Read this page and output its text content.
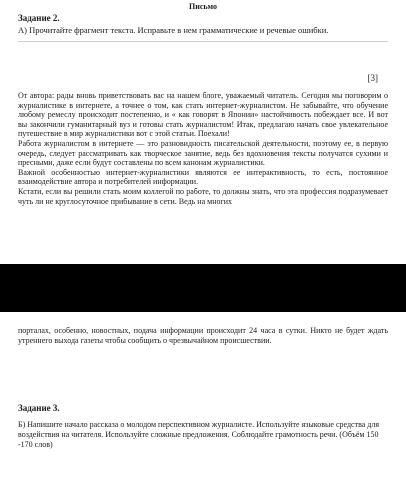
Письмо
Задание 2.
А) Прочитайте фрагмент текста. Исправьте в нем грамматические и речевые ошибки.
[3]

От автора: рады вновь приветствовать вас на нашем блоге, уважаемый читатель. Сегодня мы поговорим о журналистике в интернете, а точнее о том, как стать интернет-журналистом. Не забывайте, что обучение любому ремеслу происходит постепенно, и « как говорят в Японии» настойчивость побеждает все. И вот вы закончили гуманитарный вуз и готовы стать журналистом! Итак, предлагаю начать свое увлекательное путешествие в мир журналистики вот с этой статьи. Поехали!

Работа журналистом в интернете — это разновидность писательской деятельности, поэтому ее, в первую очередь, следует рассматривать как творческое занятие, ведь без вдохновения тексты получатся сухими и пресными, даже если будут составлены по всем канонам журналистики.

Важной особенностью интернет-журналистики являются ее интерактивность, то есть, постоянное взаимодействие автора и потребителей информации.

Кстати, если вы решили стать моим коллегой по работе, то должны знать, что эта профессия подразумевает чуть ли не круглосуточное прибывание в сети. Ведь на многих

порталах, особенно, новостных, подача информации происходит 24 часа в сутки. Никто не будет ждать утреннего выхода газеты чтобы сообщить о чрезвычайном происшествии.
Задание 3.
Б) Напишите начало рассказа о молодом перспективном журналисте. Используйте языковые средства для воздействия на читателя. Используйте сложные предложения. Соблюдайте грамотность речи. (Объём 150 -170 слов)
